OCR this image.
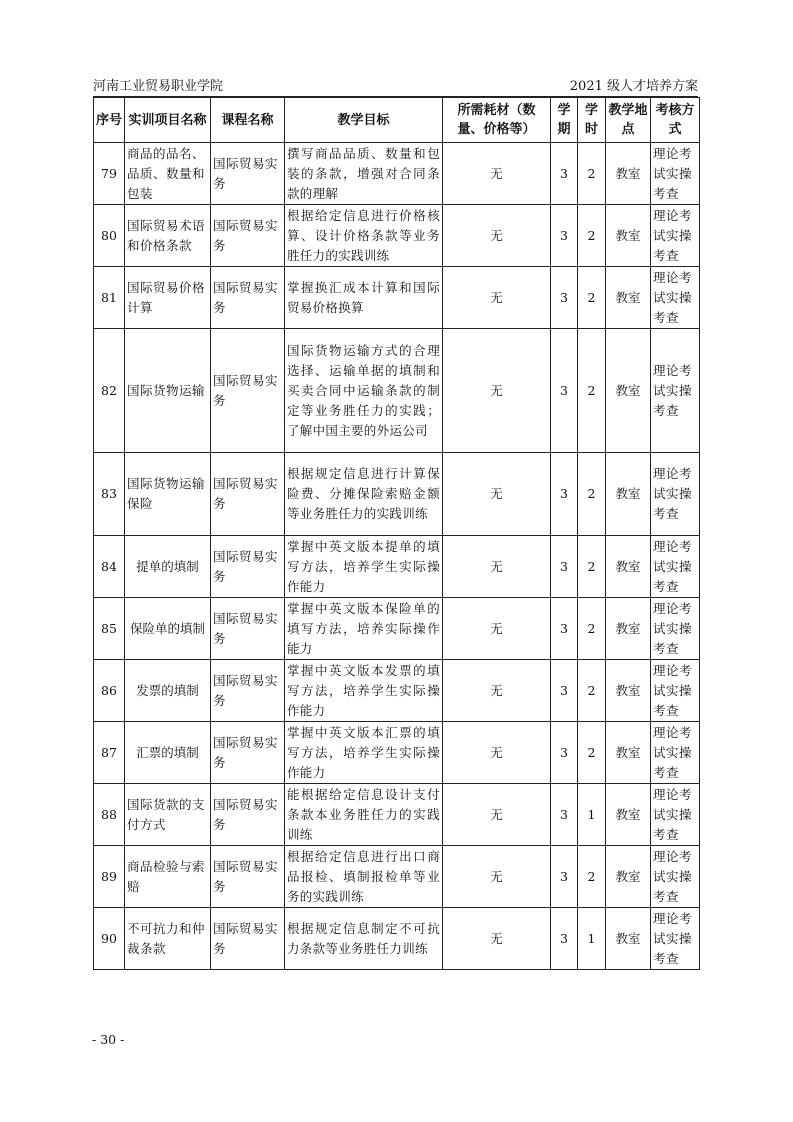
河南工业贸易职业学院	2021 级人才培养方案
序号	实训项目名称	课程名称	教学目标	所需耗材（数量、价格等）	学期	学时	教学地点	考核方式
79	商品的品名、品质、数量和包装	国际贸易实务	撰写商品品质、数量和包装的条款，增强对合同条款的理解	无	3	2	教室	理论考试实操考查
80	国际贸易术语和价格条款	国际贸易实务	根据给定信息进行价格核算、设计价格条款等业务胜任力的实践训练	无	3	2	教室	理论考试实操考查
81	国际贸易价格计算	国际贸易实务	掌握换汇成本计算和国际贸易价格换算	无	3	2	教室	理论考试实操考查
82	国际货物运输	国际贸易实务	国际货物运输方式的合理选择、运输单据的填制和买卖合同中运输条款的制定等业务胜任力的实践；了解中国主要的外运公司	无	3	2	教室	理论考试实操考查
83	国际货物运输保险	国际贸易实务	根据规定信息进行计算保险费、分摊保险索赔金额等业务胜任力的实践训练	无	3	2	教室	理论考试实操考查
84	提单的填制	国际贸易实务	掌握中英文版本提单的填写方法，培养学生实际操作能力	无	3	2	教室	理论考试实操考查
85	保险单的填制	国际贸易实务	掌握中英文版本保险单的填写方法，培养实际操作能力	无	3	2	教室	理论考试实操考查
86	发票的填制	国际贸易实务	掌握中英文版本发票的填写方法，培养学生实际操作能力	无	3	2	教室	理论考试实操考查
87	汇票的填制	国际贸易实务	掌握中英文版本汇票的填写方法，培养学生实际操作能力	无	3	2	教室	理论考试实操考查
88	国际货款的支付方式	国际贸易实务	能根据给定信息设计支付条款本业务胜任力的实践训练	无	3	1	教室	理论考试实操考查
89	商品检验与索赔	国际贸易实务	根据给定信息进行出口商品报检、填制报检单等业务的实践训练	无	3	2	教室	理论考试实操考查
90	不可抗力和仲裁条款	国际贸易实务	根据规定信息制定不可抗力条款等业务胜任力训练	无	3	1	教室	理论考试实操考查
- 30 -
